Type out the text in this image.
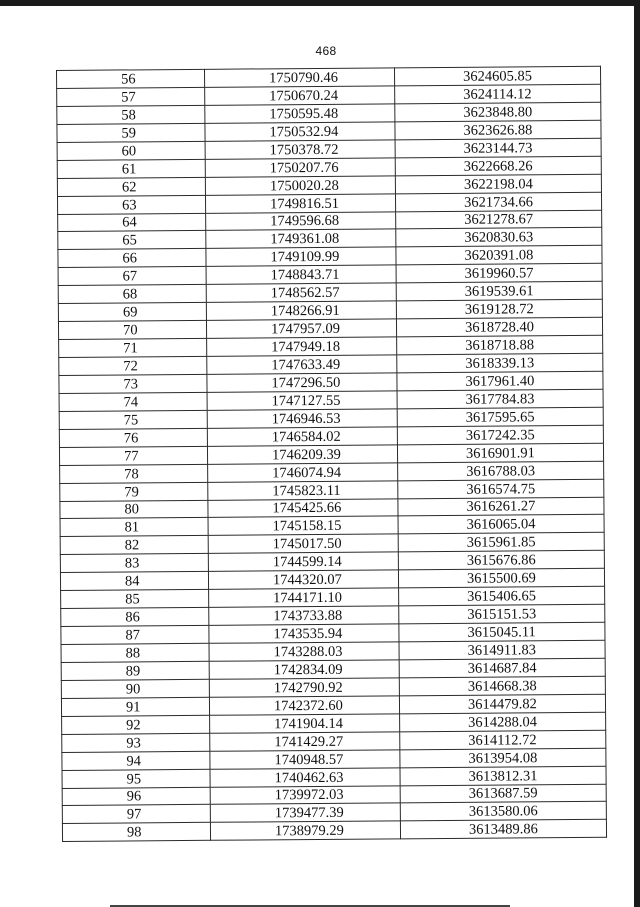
468
56	1750790.46	3624605.85
57	1750670.24	3624114.12
58	1750595.48	3623848.80
59	1750532.94	3623626.88
60	1750378.72	3623144.73
61	1750207.76	3622668.26
62	1750020.28	3622198.04
63	1749816.51	3621734.66
64	1749596.68	3621278.67
65	1749361.08	3620830.63
66	1749109.99	3620391.08
67	1748843.71	3619960.57
68	1748562.57	3619539.61
69	1748266.91	3619128.72
70	1747957.09	3618728.40
71	1747949.18	3618718.88
72	1747633.49	3618339.13
73	1747296.50	3617961.40
74	1747127.55	3617784.83
75	1746946.53	3617595.65
76	1746584.02	3617242.35
77	1746209.39	3616901.91
78	1746074.94	3616788.03
79	1745823.11	3616574.75
80	1745425.66	3616261.27
81	1745158.15	3616065.04
82	1745017.50	3615961.85
83	1744599.14	3615676.86
84	1744320.07	3615500.69
85	1744171.10	3615406.65
86	1743733.88	3615151.53
87	1743535.94	3615045.11
88	1743288.03	3614911.83
89	1742834.09	3614687.84
90	1742790.92	3614668.38
91	1742372.60	3614479.82
92	1741904.14	3614288.04
93	1741429.27	3614112.72
94	1740948.57	3613954.08
95	1740462.63	3613812.31
96	1739972.03	3613687.59
97	1739477.39	3613580.06
98	1738979.29	3613489.86
